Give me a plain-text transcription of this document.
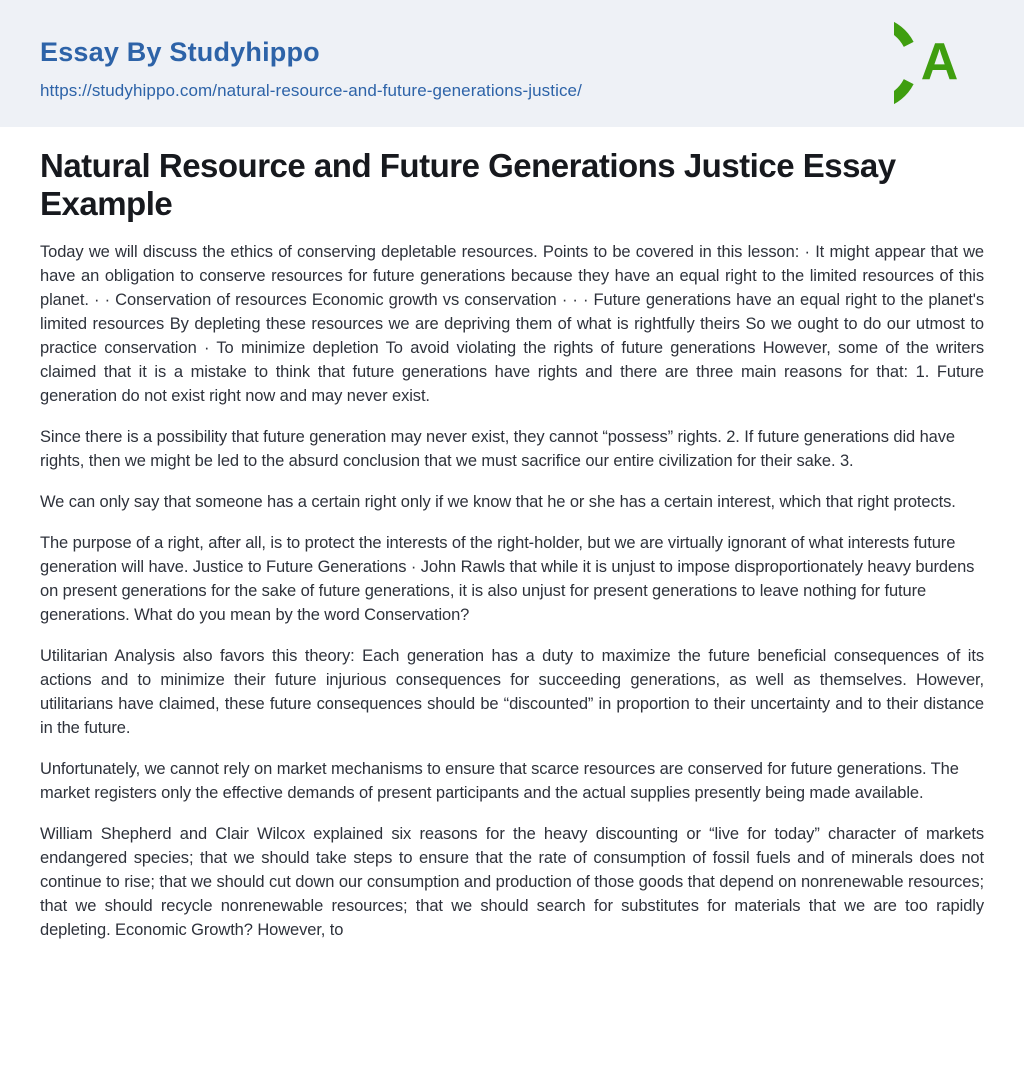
Essay By Studyhippo
https://studyhippo.com/natural-resource-and-future-generations-justice/
A
Natural Resource and Future Generations Justice Essay Example

Today we will discuss the ethics of conserving depletable resources. Points to be covered in this lesson: · It might appear that we have an obligation to conserve resources for future generations because they have an equal right to the limited resources of this planet. · · Conservation of resources Economic growth vs conservation · · · Future generations have an equal right to the planet's limited resources By depleting these resources we are depriving them of what is rightfully theirs So we ought to do our utmost to practice conservation · To minimize depletion To avoid violating the rights of future generations However, some of the writers claimed that it is a mistake to think that future generations have rights and there are three main reasons for that: 1. Future generation do not exist right now and may never exist.

Since there is a possibility that future generation may never exist, they cannot “possess” rights. 2. If future generations did have rights, then we might be led to the absurd conclusion that we must sacrifice our entire civilization for their sake. 3.

We can only say that someone has a certain right only if we know that he or she has a certain interest, which that right protects.

The purpose of a right, after all, is to protect the interests of the right-holder, but we are virtually ignorant of what interests future generation will have. Justice to Future Generations · John Rawls that while it is unjust to impose disproportionately heavy burdens on present generations for the sake of future generations, it is also unjust for present generations to leave nothing for future generations. What do you mean by the word Conservation?

Utilitarian Analysis also favors this theory: Each generation has a duty to maximize the future beneficial consequences of its actions and to minimize their future injurious consequences for succeeding generations, as well as themselves. However, utilitarians have claimed, these future consequences should be “discounted” in proportion to their uncertainty and to their distance in the future.

Unfortunately, we cannot rely on market mechanisms to ensure that scarce resources are conserved for future generations. The market registers only the effective demands of present participants and the actual supplies presently being made available.

William Shepherd and Clair Wilcox explained six reasons for the heavy discounting or “live for today” character of markets endangered species; that we should take steps to ensure that the rate of consumption of fossil fuels and of minerals does not continue to rise; that we should cut down our consumption and production of those goods that depend on nonrenewable resources; that we should recycle nonrenewable resources; that we should search for substitutes for materials that we are too rapidly depleting. Economic Growth? However, to
